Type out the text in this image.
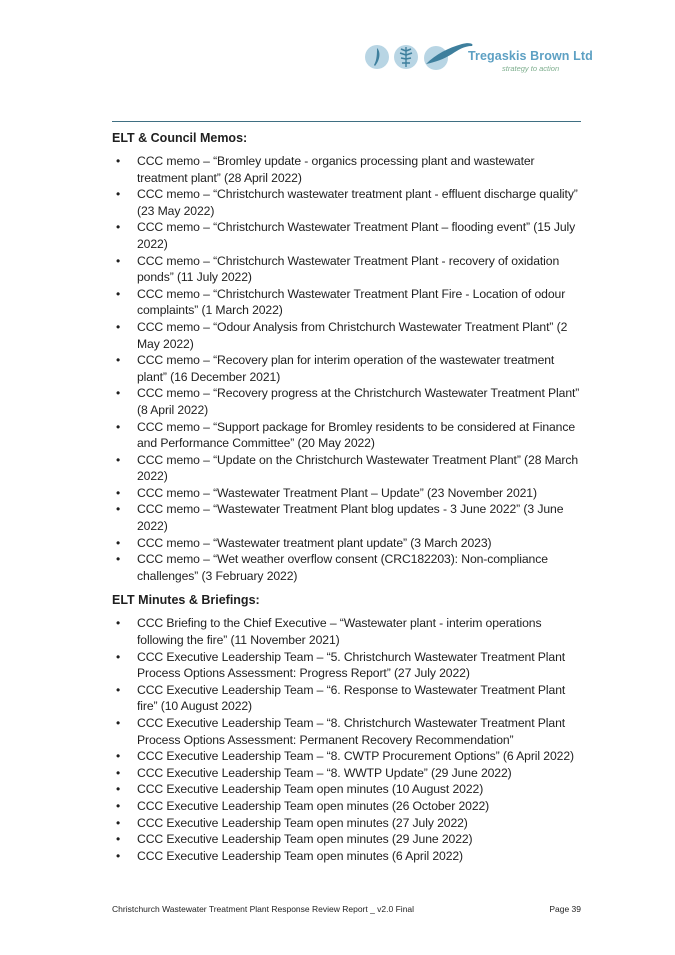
Tregaskis Brown Ltd
strategy to action
ELT & Council Memos:
• CCC memo – “Bromley update - organics processing plant and wastewater treatment plant” (28 April 2022)
• CCC memo – “Christchurch wastewater treatment plant - effluent discharge quality” (23 May 2022)
• CCC memo – “Christchurch Wastewater Treatment Plant – flooding event” (15 July 2022)
• CCC memo – “Christchurch Wastewater Treatment Plant - recovery of oxidation ponds” (11 July 2022)
• CCC memo – “Christchurch Wastewater Treatment Plant Fire - Location of odour complaints” (1 March 2022)
• CCC memo – “Odour Analysis from Christchurch Wastewater Treatment Plant” (2 May 2022)
• CCC memo – “Recovery plan for interim operation of the wastewater treatment plant” (16 December 2021)
• CCC memo – “Recovery progress at the Christchurch Wastewater Treatment Plant” (8 April 2022)
• CCC memo – “Support package for Bromley residents to be considered at Finance and Performance Committee” (20 May 2022)
• CCC memo – “Update on the Christchurch Wastewater Treatment Plant” (28 March 2022)
• CCC memo – “Wastewater Treatment Plant – Update” (23 November 2021)
• CCC memo – “Wastewater Treatment Plant blog updates - 3 June 2022” (3 June 2022)
• CCC memo – “Wastewater treatment plant update” (3 March 2023)
• CCC memo – “Wet weather overflow consent (CRC182203): Non-compliance challenges” (3 February 2022)
ELT Minutes & Briefings:
• CCC Briefing to the Chief Executive – “Wastewater plant - interim operations following the fire” (11 November 2021)
• CCC Executive Leadership Team – “5. Christchurch Wastewater Treatment Plant Process Options Assessment: Progress Report” (27 July 2022)
• CCC Executive Leadership Team – “6. Response to Wastewater Treatment Plant fire” (10 August 2022)
• CCC Executive Leadership Team – “8. Christchurch Wastewater Treatment Plant Process Options Assessment: Permanent Recovery Recommendation”
• CCC Executive Leadership Team – “8. CWTP Procurement Options” (6 April 2022)
• CCC Executive Leadership Team – “8. WWTP Update” (29 June 2022)
• CCC Executive Leadership Team open minutes (10 August 2022)
• CCC Executive Leadership Team open minutes (26 October 2022)
• CCC Executive Leadership Team open minutes (27 July 2022)
• CCC Executive Leadership Team open minutes (29 June 2022)
• CCC Executive Leadership Team open minutes (6 April 2022)
Christchurch Wastewater Treatment Plant Response Review Report _ v2.0 Final	Page 39
